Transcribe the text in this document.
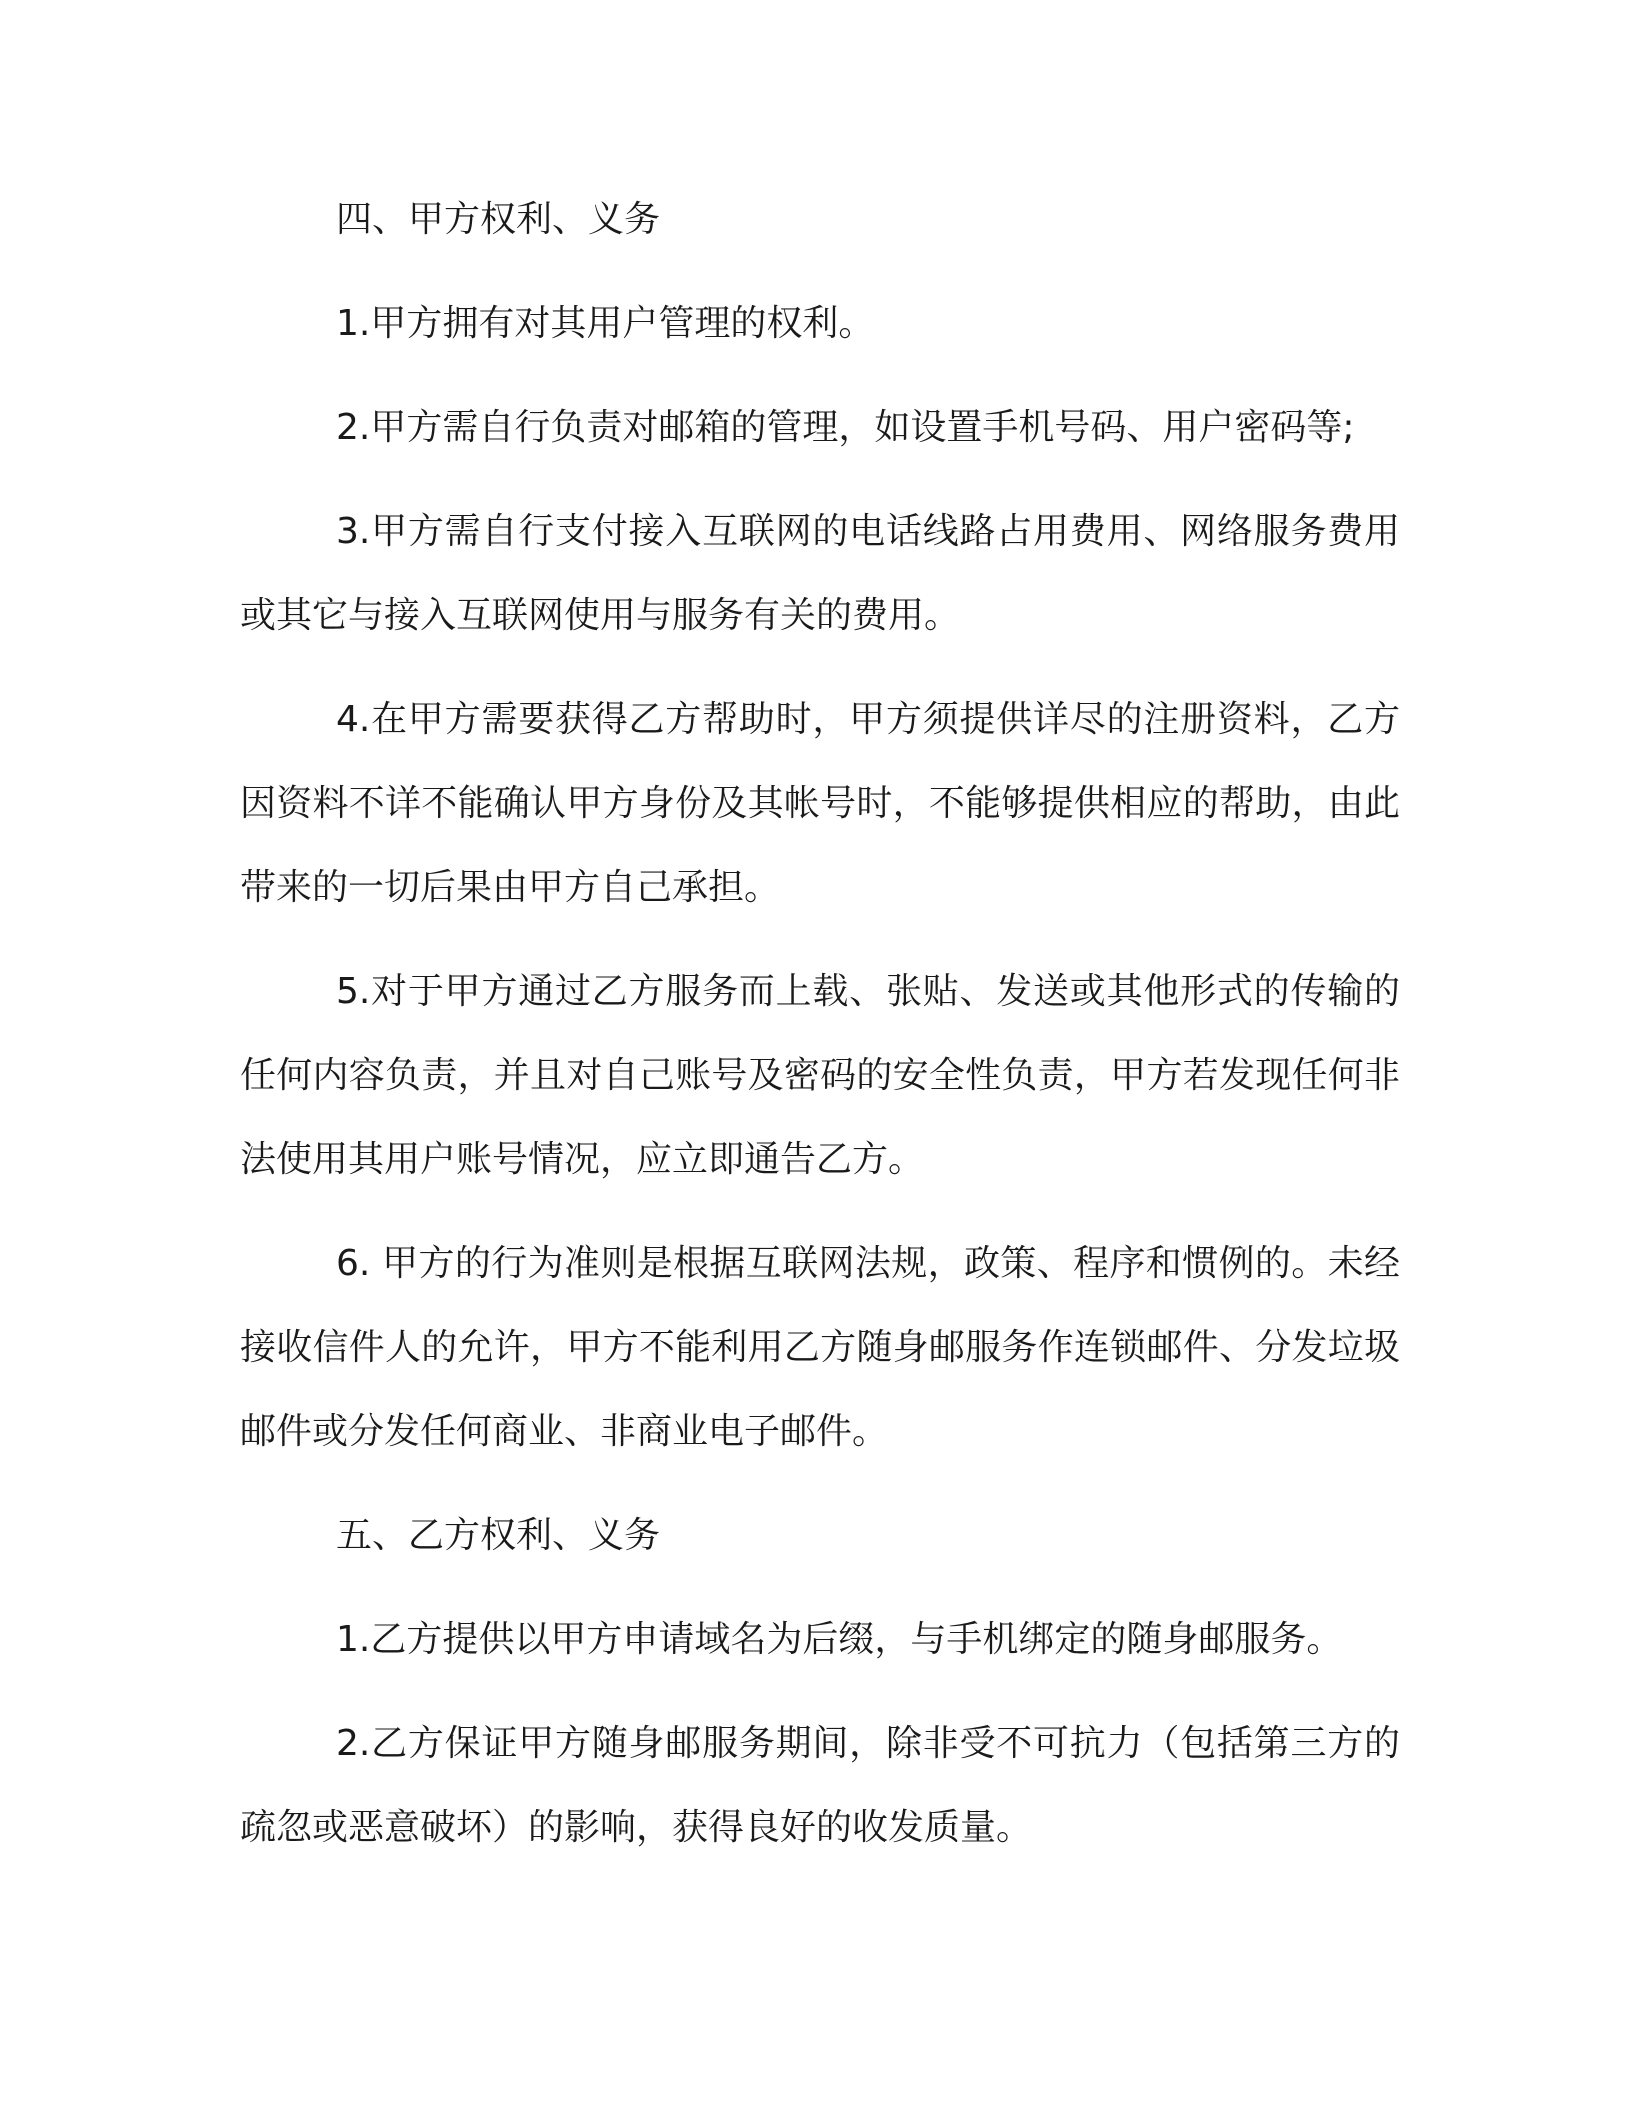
四、甲方权利、义务

1.甲方拥有对其用户管理的权利。

2.甲方需自行负责对邮箱的管理，如设置手机号码、用户密码等;

3.甲方需自行支付接入互联网的电话线路占用费用、网络服务费用或其它与接入互联网使用与服务有关的费用。

4.在甲方需要获得乙方帮助时，甲方须提供详尽的注册资料，乙方因资料不详不能确认甲方身份及其帐号时，不能够提供相应的帮助，由此带来的一切后果由甲方自己承担。

5.对于甲方通过乙方服务而上载、张贴、发送或其他形式的传输的任何内容负责，并且对自己账号及密码的安全性负责，甲方若发现任何非法使用其用户账号情况，应立即通告乙方。

6. 甲方的行为准则是根据互联网法规，政策、程序和惯例的。未经接收信件人的允许，甲方不能利用乙方随身邮服务作连锁邮件、分发垃圾邮件或分发任何商业、非商业电子邮件。

五、乙方权利、义务

1.乙方提供以甲方申请域名为后缀，与手机绑定的随身邮服务。

2.乙方保证甲方随身邮服务期间，除非受不可抗力（包括第三方的疏忽或恶意破坏）的影响，获得良好的收发质量。
